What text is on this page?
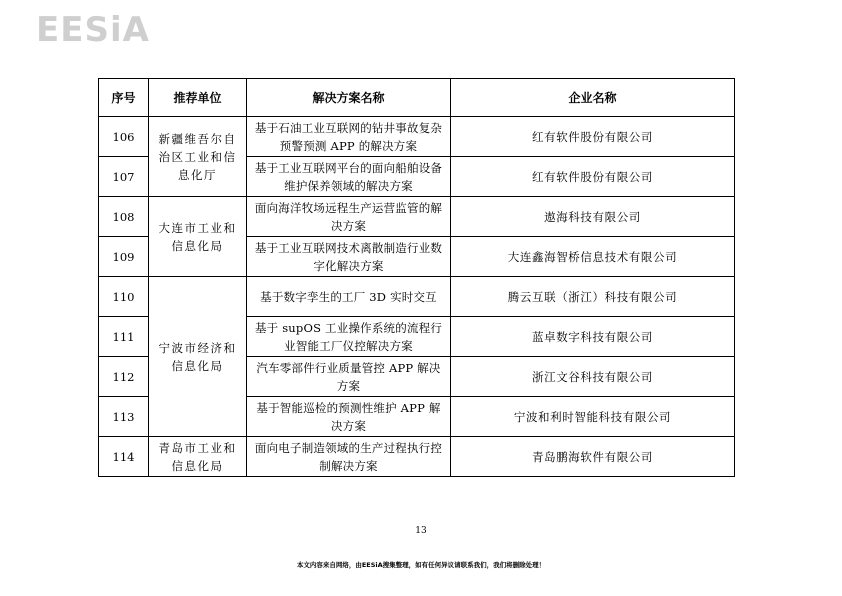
EESiA
序号	推荐单位	解决方案名称	企业名称
106	新疆维吾尔自治区工业和信息化厅	基于石油工业互联网的钻井事故复杂预警预测 APP 的解决方案	红有软件股份有限公司
107		基于工业互联网平台的面向船舶设备维护保养领域的解决方案	红有软件股份有限公司
108	大连市工业和信息化局	面向海洋牧场远程生产运营监管的解决方案	遨海科技有限公司
109		基于工业互联网技术离散制造行业数字化解决方案	大连鑫海智桥信息技术有限公司
110	宁波市经济和信息化局	基于数字孪生的工厂 3D 实时交互	腾云互联（浙江）科技有限公司
111		基于 supOS 工业操作系统的流程行业智能工厂仪控解决方案	蓝卓数字科技有限公司
112		汽车零部件行业质量管控 APP 解决方案	浙江文谷科技有限公司
113		基于智能巡检的预测性维护 APP 解决方案	宁波和利时智能科技有限公司
114	青岛市工业和信息化局	面向电子制造领域的生产过程执行控制解决方案	青岛鹏海软件有限公司
13
本文内容来自网络，由EESiA搜集整理，如有任何异议请联系我们，我们将删除处理！
